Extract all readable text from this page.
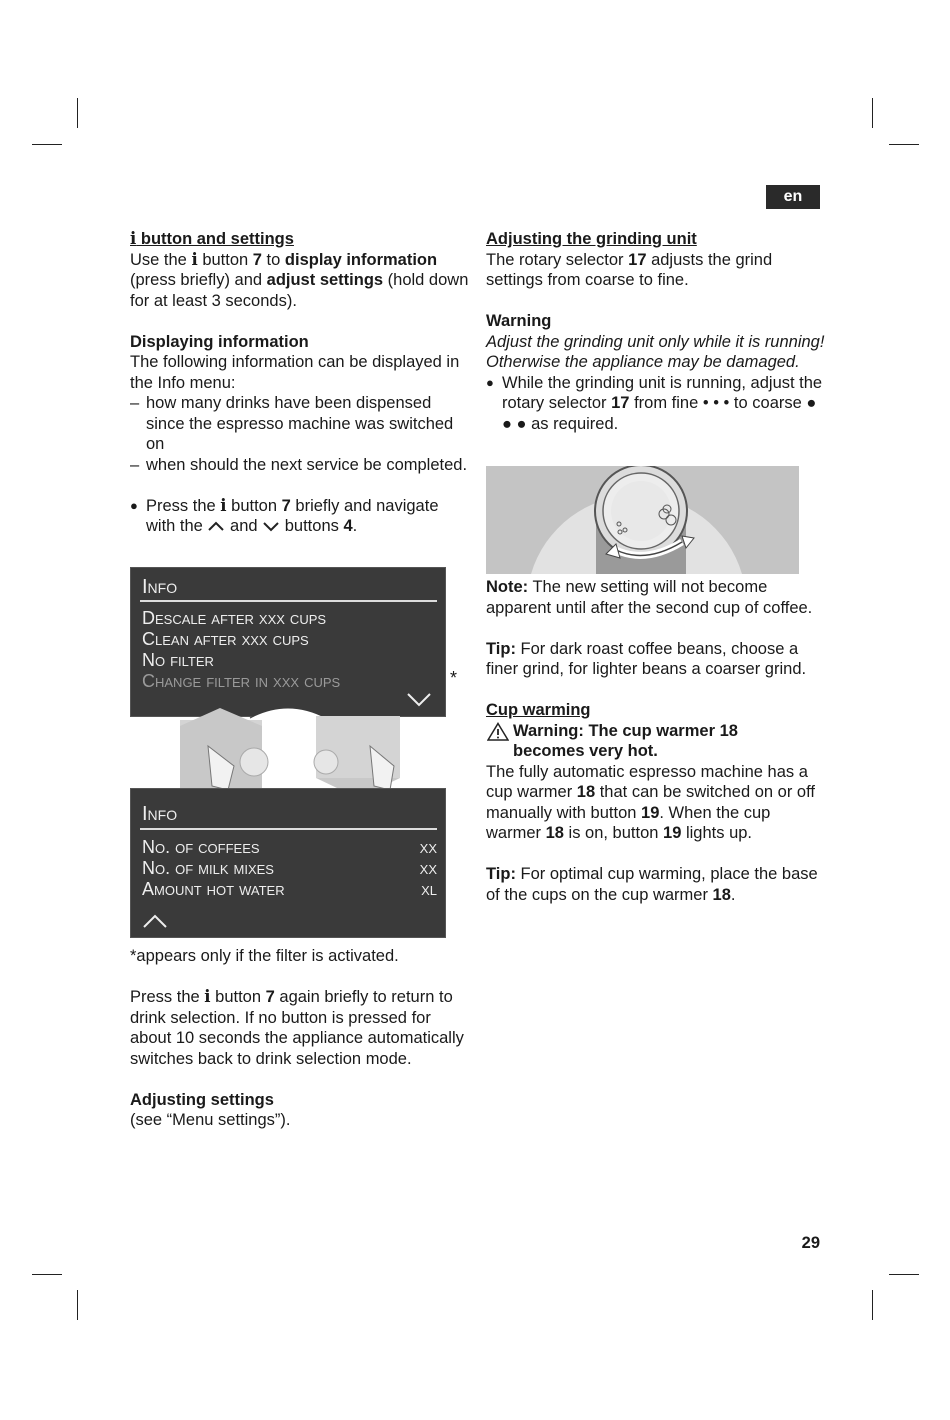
en

i button and settings

Use the i button 7 to display information (press briefly) and adjust settings (hold down for at least 3 seconds).

Displaying information

The following information can be displayed in the Info menu:

– how many drinks have been dispensed since the espresso machine was switched on

– when should the next service be completed.

● Press the i button 7 briefly and navigate with the  and  buttons 4.

Info
Descale after xxx cups
Clean after xxx cups
No filter
Change filter in xxx cups	*
Info
No. of coffees	xx
No. of milk mixes	xx
Amount hot water	xl

*appears only if the filter is activated.

Press the i button 7 again briefly to return to drink selection. If no button is pressed for about 10 seconds the appliance automatically switches back to drink selection mode.

Adjusting settings

(see “Menu settings”).

Adjusting the grinding unit

The rotary selector 17 adjusts the grind settings from coarse to fine.

Warning

Adjust the grinding unit only while it is running! Otherwise the appliance may be damaged.

● While the grinding unit is running, adjust the rotary selector 17 from fine • • • to coarse ● ● ● as required.

Note: The new setting will not become apparent until after the second cup of coffee.

Tip: For dark roast coffee beans, choose a finer grind, for lighter beans a coarser grind.

Cup warming

Warning: The cup warmer 18
becomes very hot.

The fully automatic espresso machine has a cup warmer 18 that can be switched on or off manually with button 19. When the cup warmer 18 is on, button 19 lights up.

Tip: For optimal cup warming, place the base of the cups on the cup warmer 18.

29
